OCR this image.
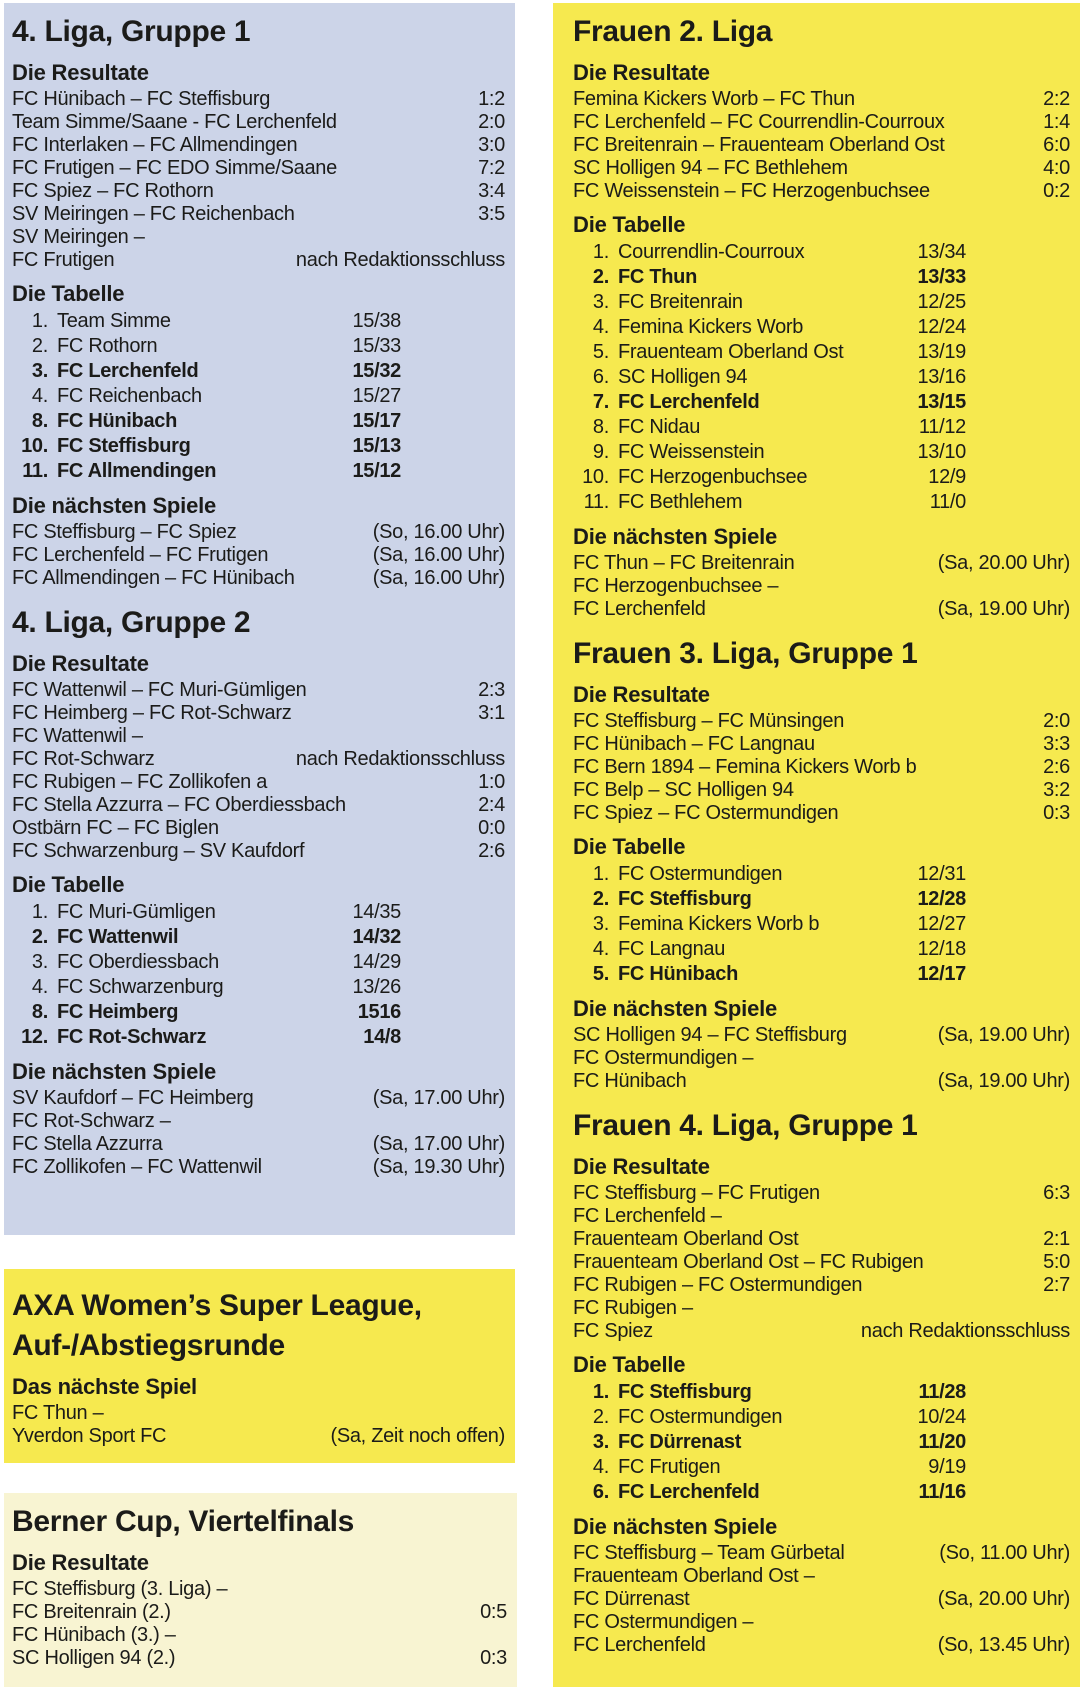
4. Liga, Gruppe 1
Die Resultate
FC Hünibach – FC Steffisburg	1:2
Team Simme/Saane - FC Lerchenfeld	2:0
FC Interlaken – FC Allmendingen	3:0
FC Frutigen – FC EDO Simme/Saane	7:2
FC Spiez – FC Rothorn	3:4
SV Meiringen – FC Reichenbach	3:5
SV Meiringen –
FC Frutigen	nach Redaktionsschluss
Die Tabelle
1. Team Simme	15/38
2. FC Rothorn	15/33
3. FC Lerchenfeld	15/32
4. FC Reichenbach	15/27
8. FC Hünibach	15/17
10. FC Steffisburg	15/13
11. FC Allmendingen	15/12
Die nächsten Spiele
FC Steffisburg – FC Spiez	(So, 16.00 Uhr)
FC Lerchenfeld – FC Frutigen	(Sa, 16.00 Uhr)
FC Allmendingen – FC Hünibach	(Sa, 16.00 Uhr)
4. Liga, Gruppe 2
Die Resultate
FC Wattenwil – FC Muri-Gümligen	2:3
FC Heimberg – FC Rot-Schwarz	3:1
FC Wattenwil –
FC Rot-Schwarz	nach Redaktionsschluss
FC Rubigen – FC Zollikofen a	1:0
FC Stella Azzurra – FC Oberdiessbach	2:4
Ostbärn FC – FC Biglen	0:0
FC Schwarzenburg – SV Kaufdorf	2:6
Die Tabelle
1. FC Muri-Gümligen	14/35
2. FC Wattenwil	14/32
3. FC Oberdiessbach	14/29
4. FC Schwarzenburg	13/26
8. FC Heimberg	1516
12. FC Rot-Schwarz	14/8
Die nächsten Spiele
SV Kaufdorf – FC Heimberg	(Sa, 17.00 Uhr)
FC Rot-Schwarz –
FC Stella Azzurra	(Sa, 17.00 Uhr)
FC Zollikofen – FC Wattenwil	(Sa, 19.30 Uhr)
AXA Women’s Super League,
Auf-/Abstiegsrunde
Das nächste Spiel
FC Thun –
Yverdon Sport FC	(Sa, Zeit noch offen)
Berner Cup, Viertelfinals
Die Resultate
FC Steffisburg (3. Liga) –
FC Breitenrain (2.)	0:5
FC Hünibach (3.) –
SC Holligen 94 (2.)	0:3
Frauen 2. Liga
Die Resultate
Femina Kickers Worb – FC Thun	2:2
FC Lerchenfeld – FC Courrendlin-Courroux	1:4
FC Breitenrain – Frauenteam Oberland Ost	6:0
SC Holligen 94 – FC Bethlehem	4:0
FC Weissenstein – FC Herzogenbuchsee	0:2
Die Tabelle
1. Courrendlin-Courroux	13/34
2. FC Thun	13/33
3. FC Breitenrain	12/25
4. Femina Kickers Worb	12/24
5. Frauenteam Oberland Ost	13/19
6. SC Holligen 94	13/16
7. FC Lerchenfeld	13/15
8. FC Nidau	11/12
9. FC Weissenstein	13/10
10. FC Herzogenbuchsee	12/9
11. FC Bethlehem	11/0
Die nächsten Spiele
FC Thun – FC Breitenrain	(Sa, 20.00 Uhr)
FC Herzogenbuchsee –
FC Lerchenfeld	(Sa, 19.00 Uhr)
Frauen 3. Liga, Gruppe 1
Die Resultate
FC Steffisburg – FC Münsingen	2:0
FC Hünibach – FC Langnau	3:3
FC Bern 1894 – Femina Kickers Worb b	2:6
FC Belp – SC Holligen 94	3:2
FC Spiez – FC Ostermundigen	0:3
Die Tabelle
1. FC Ostermundigen	12/31
2. FC Steffisburg	12/28
3. Femina Kickers Worb b	12/27
4. FC Langnau	12/18
5. FC Hünibach	12/17
Die nächsten Spiele
SC Holligen 94 – FC Steffisburg	(Sa, 19.00 Uhr)
FC Ostermundigen –
FC Hünibach	(Sa, 19.00 Uhr)
Frauen 4. Liga, Gruppe 1
Die Resultate
FC Steffisburg – FC Frutigen	6:3
FC Lerchenfeld –
Frauenteam Oberland Ost	2:1
Frauenteam Oberland Ost – FC Rubigen	5:0
FC Rubigen – FC Ostermundigen	2:7
FC Rubigen –
FC Spiez	nach Redaktionsschluss
Die Tabelle
1. FC Steffisburg	11/28
2. FC Ostermundigen	10/24
3. FC Dürrenast	11/20
4. FC Frutigen	9/19
6. FC Lerchenfeld	11/16
Die nächsten Spiele
FC Steffisburg – Team Gürbetal	(So, 11.00 Uhr)
Frauenteam Oberland Ost –
FC Dürrenast	(Sa, 20.00 Uhr)
FC Ostermundigen –
FC Lerchenfeld	(So, 13.45 Uhr)
